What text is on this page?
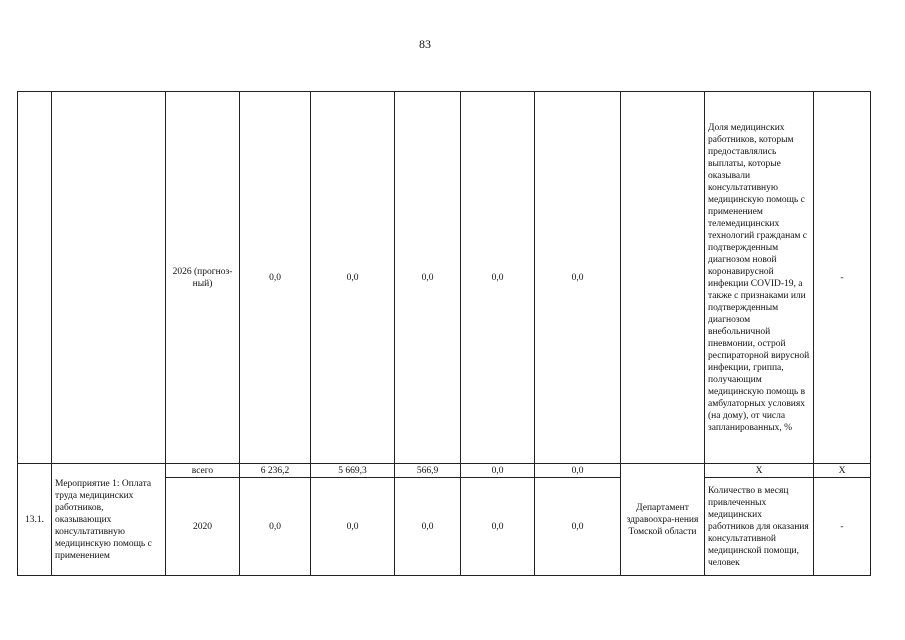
83
		2026 (прогноз-ный)	0,0	0,0	0,0	0,0	0,0		Доля медицинских работников, которым предоставлялись выплаты, которые оказывали консультативную медицинскую помощь с применением телемедицинских технологий гражданам с подтвержденным диагнозом новой коронавирусной инфекции COVID-19, а также с признаками или подтвержденным диагнозом внебольничной пневмонии, острой респираторной вирусной инфекции, гриппа, получающим медицинскую помощь в амбулаторных условиях (на дому), от числа запланированных, %	-
13.1.	Мероприятие 1: Оплата труда медицинских работников, оказывающих консультативную медицинскую помощь с применением	всего	6 236,2	5 669,3	566,9	0,0	0,0	Департамент здравоохра-нения Томской области	X	X
		2020	0,0	0,0	0,0	0,0	0,0		Количество в месяц привлеченных медицинских работников для оказания консультативной медицинской помощи, человек	-
